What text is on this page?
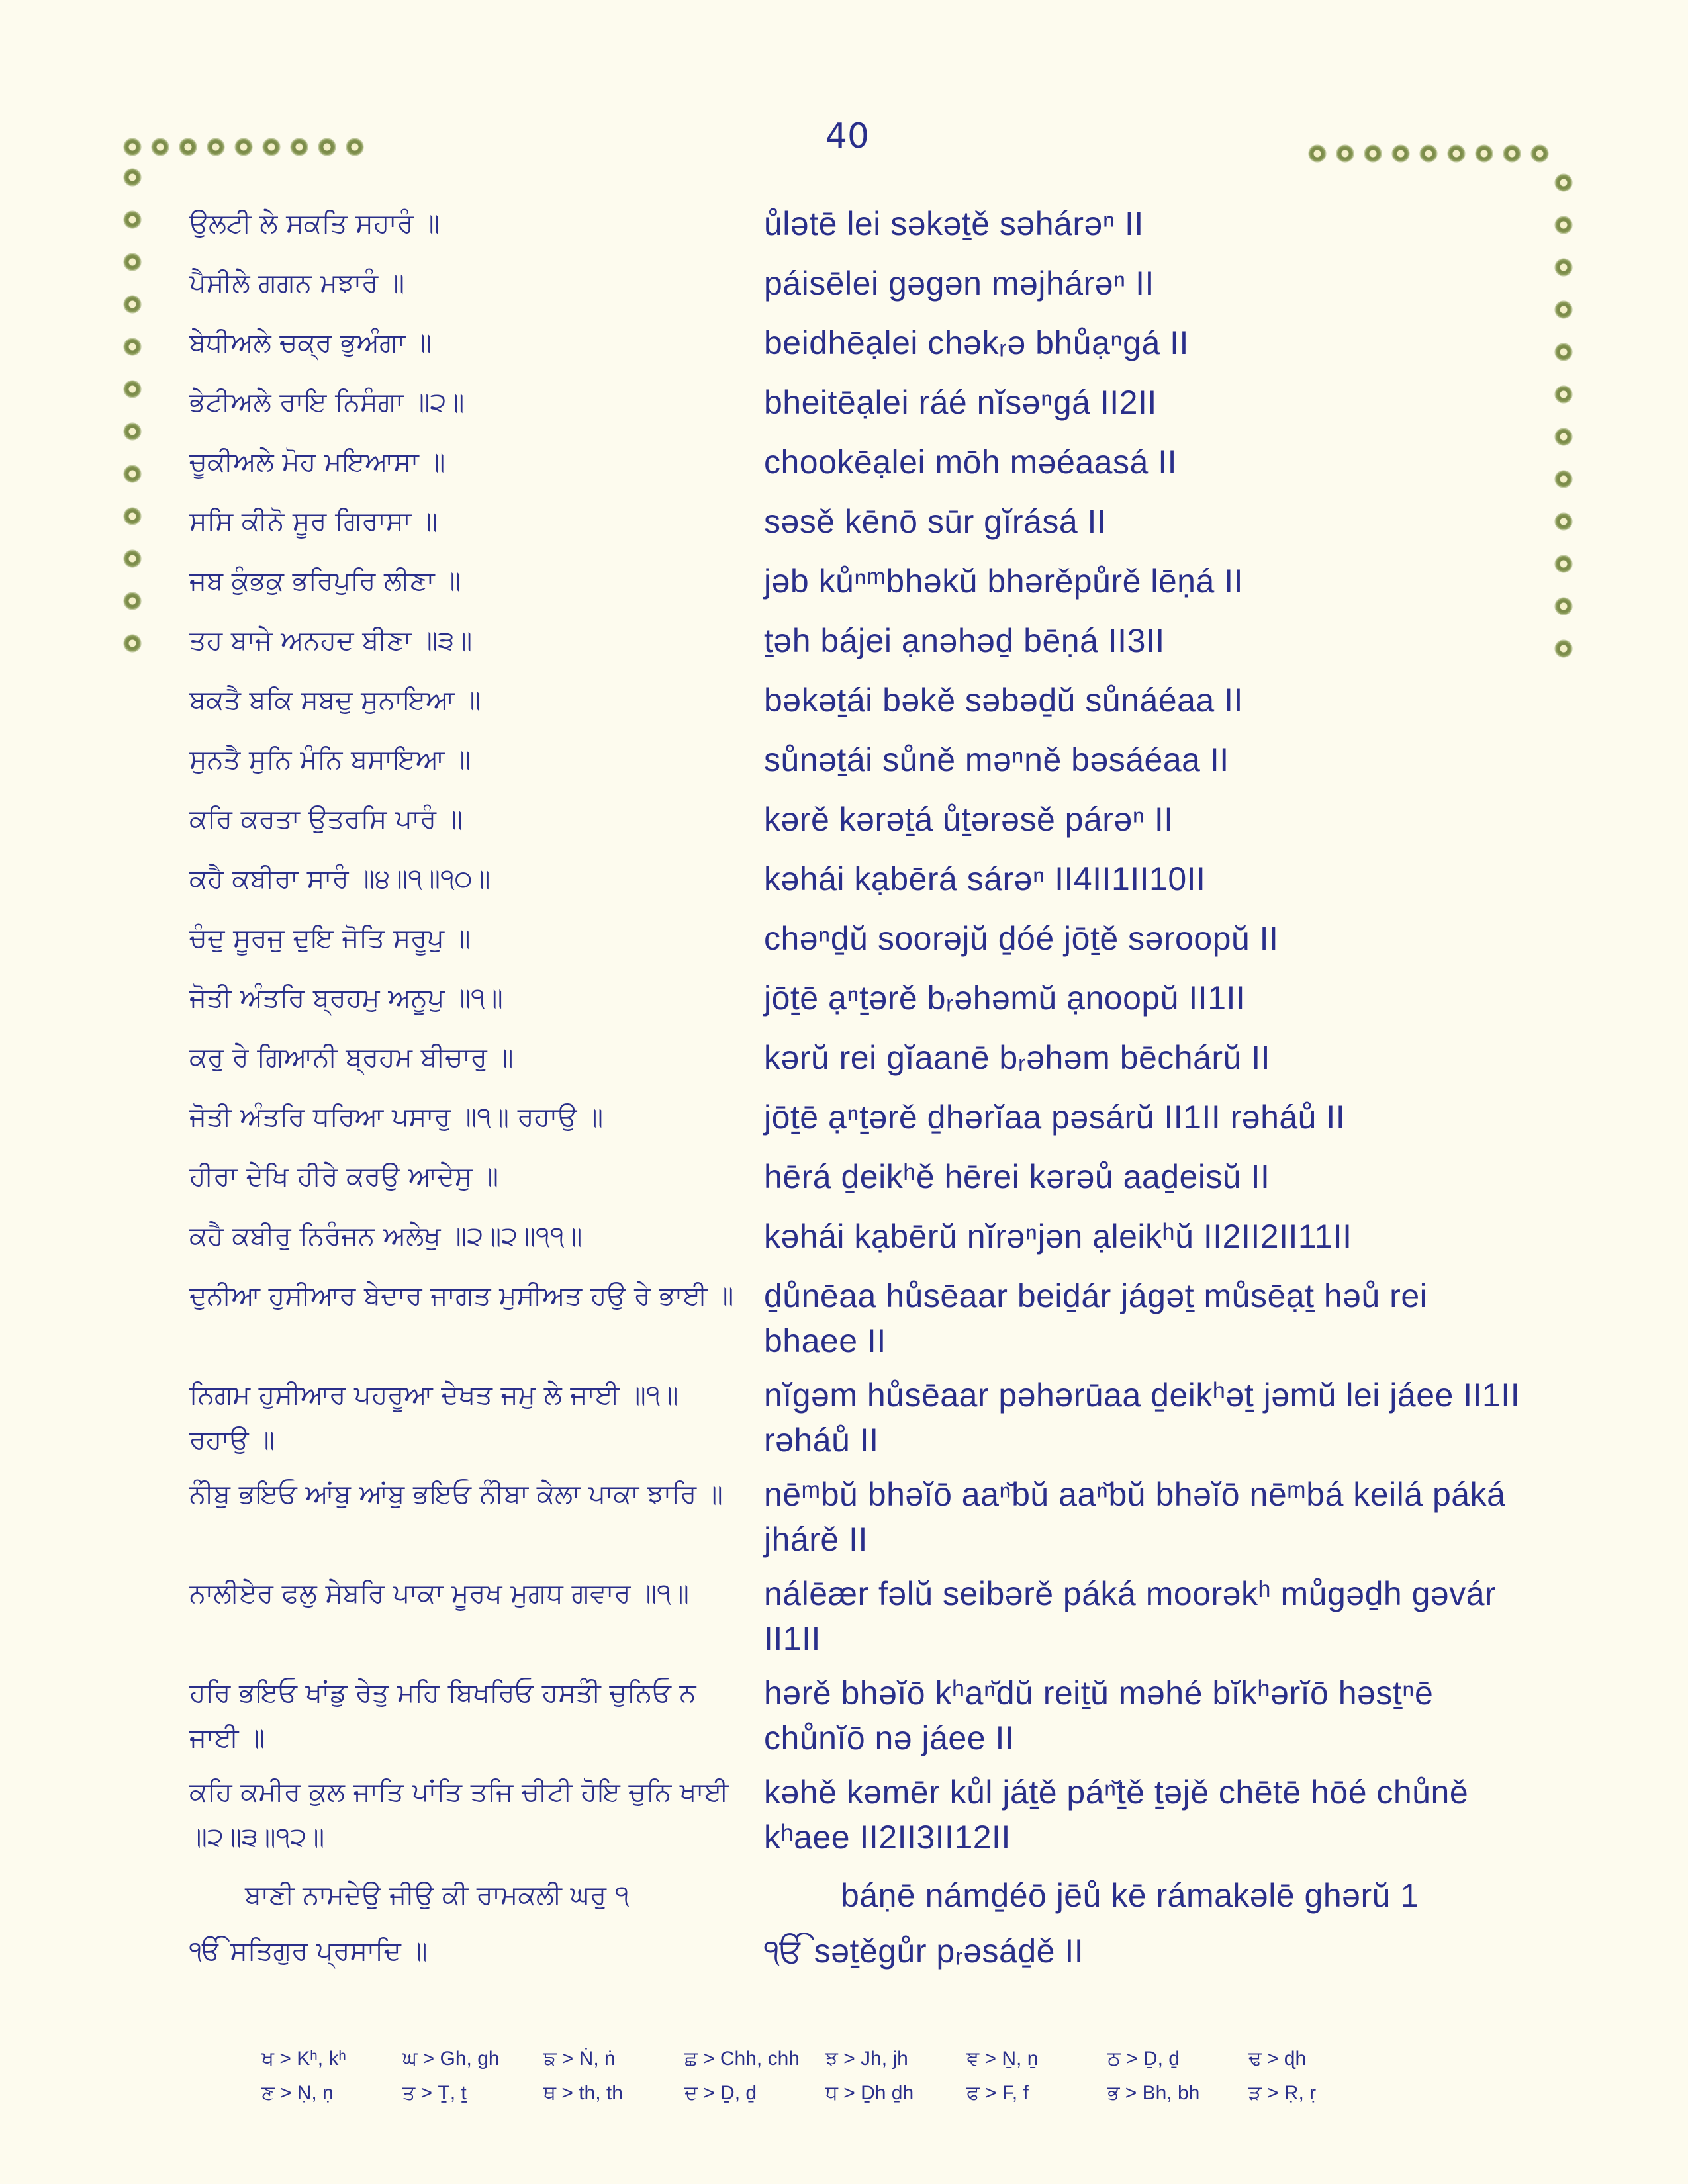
40
ਉਲਟੀ ਲੇ ਸਕਤਿ ਸਹਾਰੰ ॥	ůlətē lei səkəṯě səhárəⁿ II
ਪੈਸੀਲੇ ਗਗਨ ਮਝਾਰੰ ॥	páisēlei gəgən məjhárəⁿ II
ਬੇਧੀਅਲੇ ਚਕ੍ਰ ਭੁਅੰਗਾ ॥	beidhēạlei chəkᵣə bhůạⁿgá II
ਭੇਟੀਅਲੇ ਰਾਇ ਨਿਸੰਗਾ ॥੨॥	bheitēạlei ráé nĭsəⁿgá II2II
ਚੂਕੀਅਲੇ ਮੋਹ ਮਇਆਸਾ ॥	chookēạlei mōh məéaasá II
ਸਸਿ ਕੀਨੋ ਸੂਰ ਗਿਰਾਸਾ ॥	səsě kēnō sūr gĭrásá II
ਜਬ ਕੁੰਭਕੁ ਭਰਿਪੁਰਿ ਲੀਣਾ ॥	jəb kůⁿᵐbhəkŭ bhərěpůrě lēṇá II
ਤਹ ਬਾਜੇ ਅਨਹਦ ਬੀਣਾ ॥੩॥	ṯəh bájei ạnəhəḏ bēṇá II3II
ਬਕਤੈ ਬਕਿ ਸਬਦੁ ਸੁਨਾਇਆ ॥	bəkəṯái bəkě səbəḏŭ sůnáéaa II
ਸੁਨਤੈ ਸੁਨਿ ਮੰਨਿ ਬਸਾਇਆ ॥	sůnəṯái sůně məⁿně bəsáéaa II
ਕਰਿ ਕਰਤਾ ਉਤਰਸਿ ਪਾਰੰ ॥	kərě kərəṯá ůṯərəsě párəⁿ II
ਕਹੈ ਕਬੀਰਾ ਸਾਰੰ ॥੪॥੧॥੧੦॥	kəhái kạbērá sárəⁿ II4II1II10II
ਚੰਦੁ ਸੂਰਜੁ ਦੁਇ ਜੋਤਿ ਸਰੂਪੁ ॥	chəⁿḏŭ soorəjŭ ḏóé jōṯě səroopŭ II
ਜੋਤੀ ਅੰਤਰਿ ਬ੍ਰਹਮੁ ਅਨੂਪੁ ॥੧॥	jōṯē ạⁿṯərě bᵣəhəmŭ ạnoopŭ II1II
ਕਰੁ ਰੇ ਗਿਆਨੀ ਬ੍ਰਹਮ ਬੀਚਾਰੁ ॥	kərŭ rei gĭaanē bᵣəhəm bēchárŭ II
ਜੋਤੀ ਅੰਤਰਿ ਧਰਿਆ ਪਸਾਰੁ ॥੧॥ ਰਹਾਉ ॥	jōṯē ạⁿṯərě ḏhərĭaa pəsárŭ II1II rəháů II
ਹੀਰਾ ਦੇਖਿ ਹੀਰੇ ਕਰਉ ਆਦੇਸੁ ॥	hērá ḏeikʰě hērei kərəů aaḏeisŭ II
ਕਹੈ ਕਬੀਰੁ ਨਿਰੰਜਨ ਅਲੇਖੁ ॥੨॥੨॥੧੧॥	kəhái kạbērŭ nĭrəⁿjən ạleikʰŭ II2II2II11II
ਦੁਨੀਆ ਹੁਸੀਆਰ ਬੇਦਾਰ ਜਾਗਤ ਮੁਸੀਅਤ ਹਉ ਰੇ ਭਾਈ ॥ ḏůnēaa hůsēaar beiḏár jágəṯ můsēạṯ həů rei bhaee II
ਨਿਗਮ ਹੁਸੀਆਰ ਪਹਰੂਆ ਦੇਖਤ ਜਮੁ ਲੇ ਜਾਈ ॥੧॥ ਰਹਾਉ ॥
nĭgəm hůsēaar pəhərūaa ḏeikʰəṯ jəmŭ lei jáee II1II rəháů II
ਨੰੀਬੁ ਭਇਓ ਆਂਬੁ ਆਂਬੁ ਭਇਓ ਨੰੀਬਾ ਕੇਲਾ ਪਾਕਾ ਝਾਰਿ ॥	nēᵐbŭ bhəĭō aaⁿ̆bŭ aaⁿ̆bŭ bhəĭō nēᵐbá keilá páká jhárě II
ਨਾਲੀਏਰ ਫਲੁ ਸੇਬਰਿ ਪਾਕਾ ਮੂਰਖ ਮੁਗਧ ਗਵਾਰ ॥੧॥	nálēær fəlŭ seibərě páká moorəkʰ můgəḏh gəvár II1II
ਹਰਿ ਭਇਓ ਖਾਂਡੁ ਰੇਤੁ ਮਹਿ ਬਿਖਰਿਓ ਹਸਤੰੀ ਚੁਨਿਓ ਨ ਜਾਈ ॥
hərě bhəĭō kʰaⁿ̆dŭ reiṯŭ məhé bĭkʰərĭō həsṯⁿē chůnĭō nə jáee II
ਕਹਿ ਕਮੀਰ ਕੁਲ ਜਾਤਿ ਪਾਂਤਿ ਤਜਿ ਚੀਟੀ ਹੋਇ ਚੁਨਿ ਖਾਈ ॥੨॥੩॥੧੨॥
kəhě kəmēr kůl jáṯě páⁿ̆ṯě ṯəjě chētē hōé chůně kʰaee II2II3II12II
ਬਾਣੀ ਨਾਮਦੇਉ ਜੀਉ ਕੀ ਰਾਮਕਲੀ ਘਰੁ ੧	báṇē námḏéō jēů kē rámakəlē ghərŭ 1
ੴ ਸਤਿਗੁਰ ਪ੍ਰਸਾਦਿ ॥	ੴ səṯěgůr pᵣəsáḏě II
ਖ > Kʰ, kʰ	ਘ > Gh, gh	ਙ > Ṅ, ṅ	ਛ > Chh, chh	ਝ > Jh, jh	ਞ > Ṉ, ṉ	ਠ > Ḏ, ḏ	ਢ > ɖh
ਣ > Ṇ, ṇ	ਤ > Ṯ, ṯ	ਥ > th, th	ਦ > Ḏ, ḏ	ਧ > Ḏh ḏh	ਫ > F, f	ਭ > Bh, bh	ੜ > Ṛ, ṛ
